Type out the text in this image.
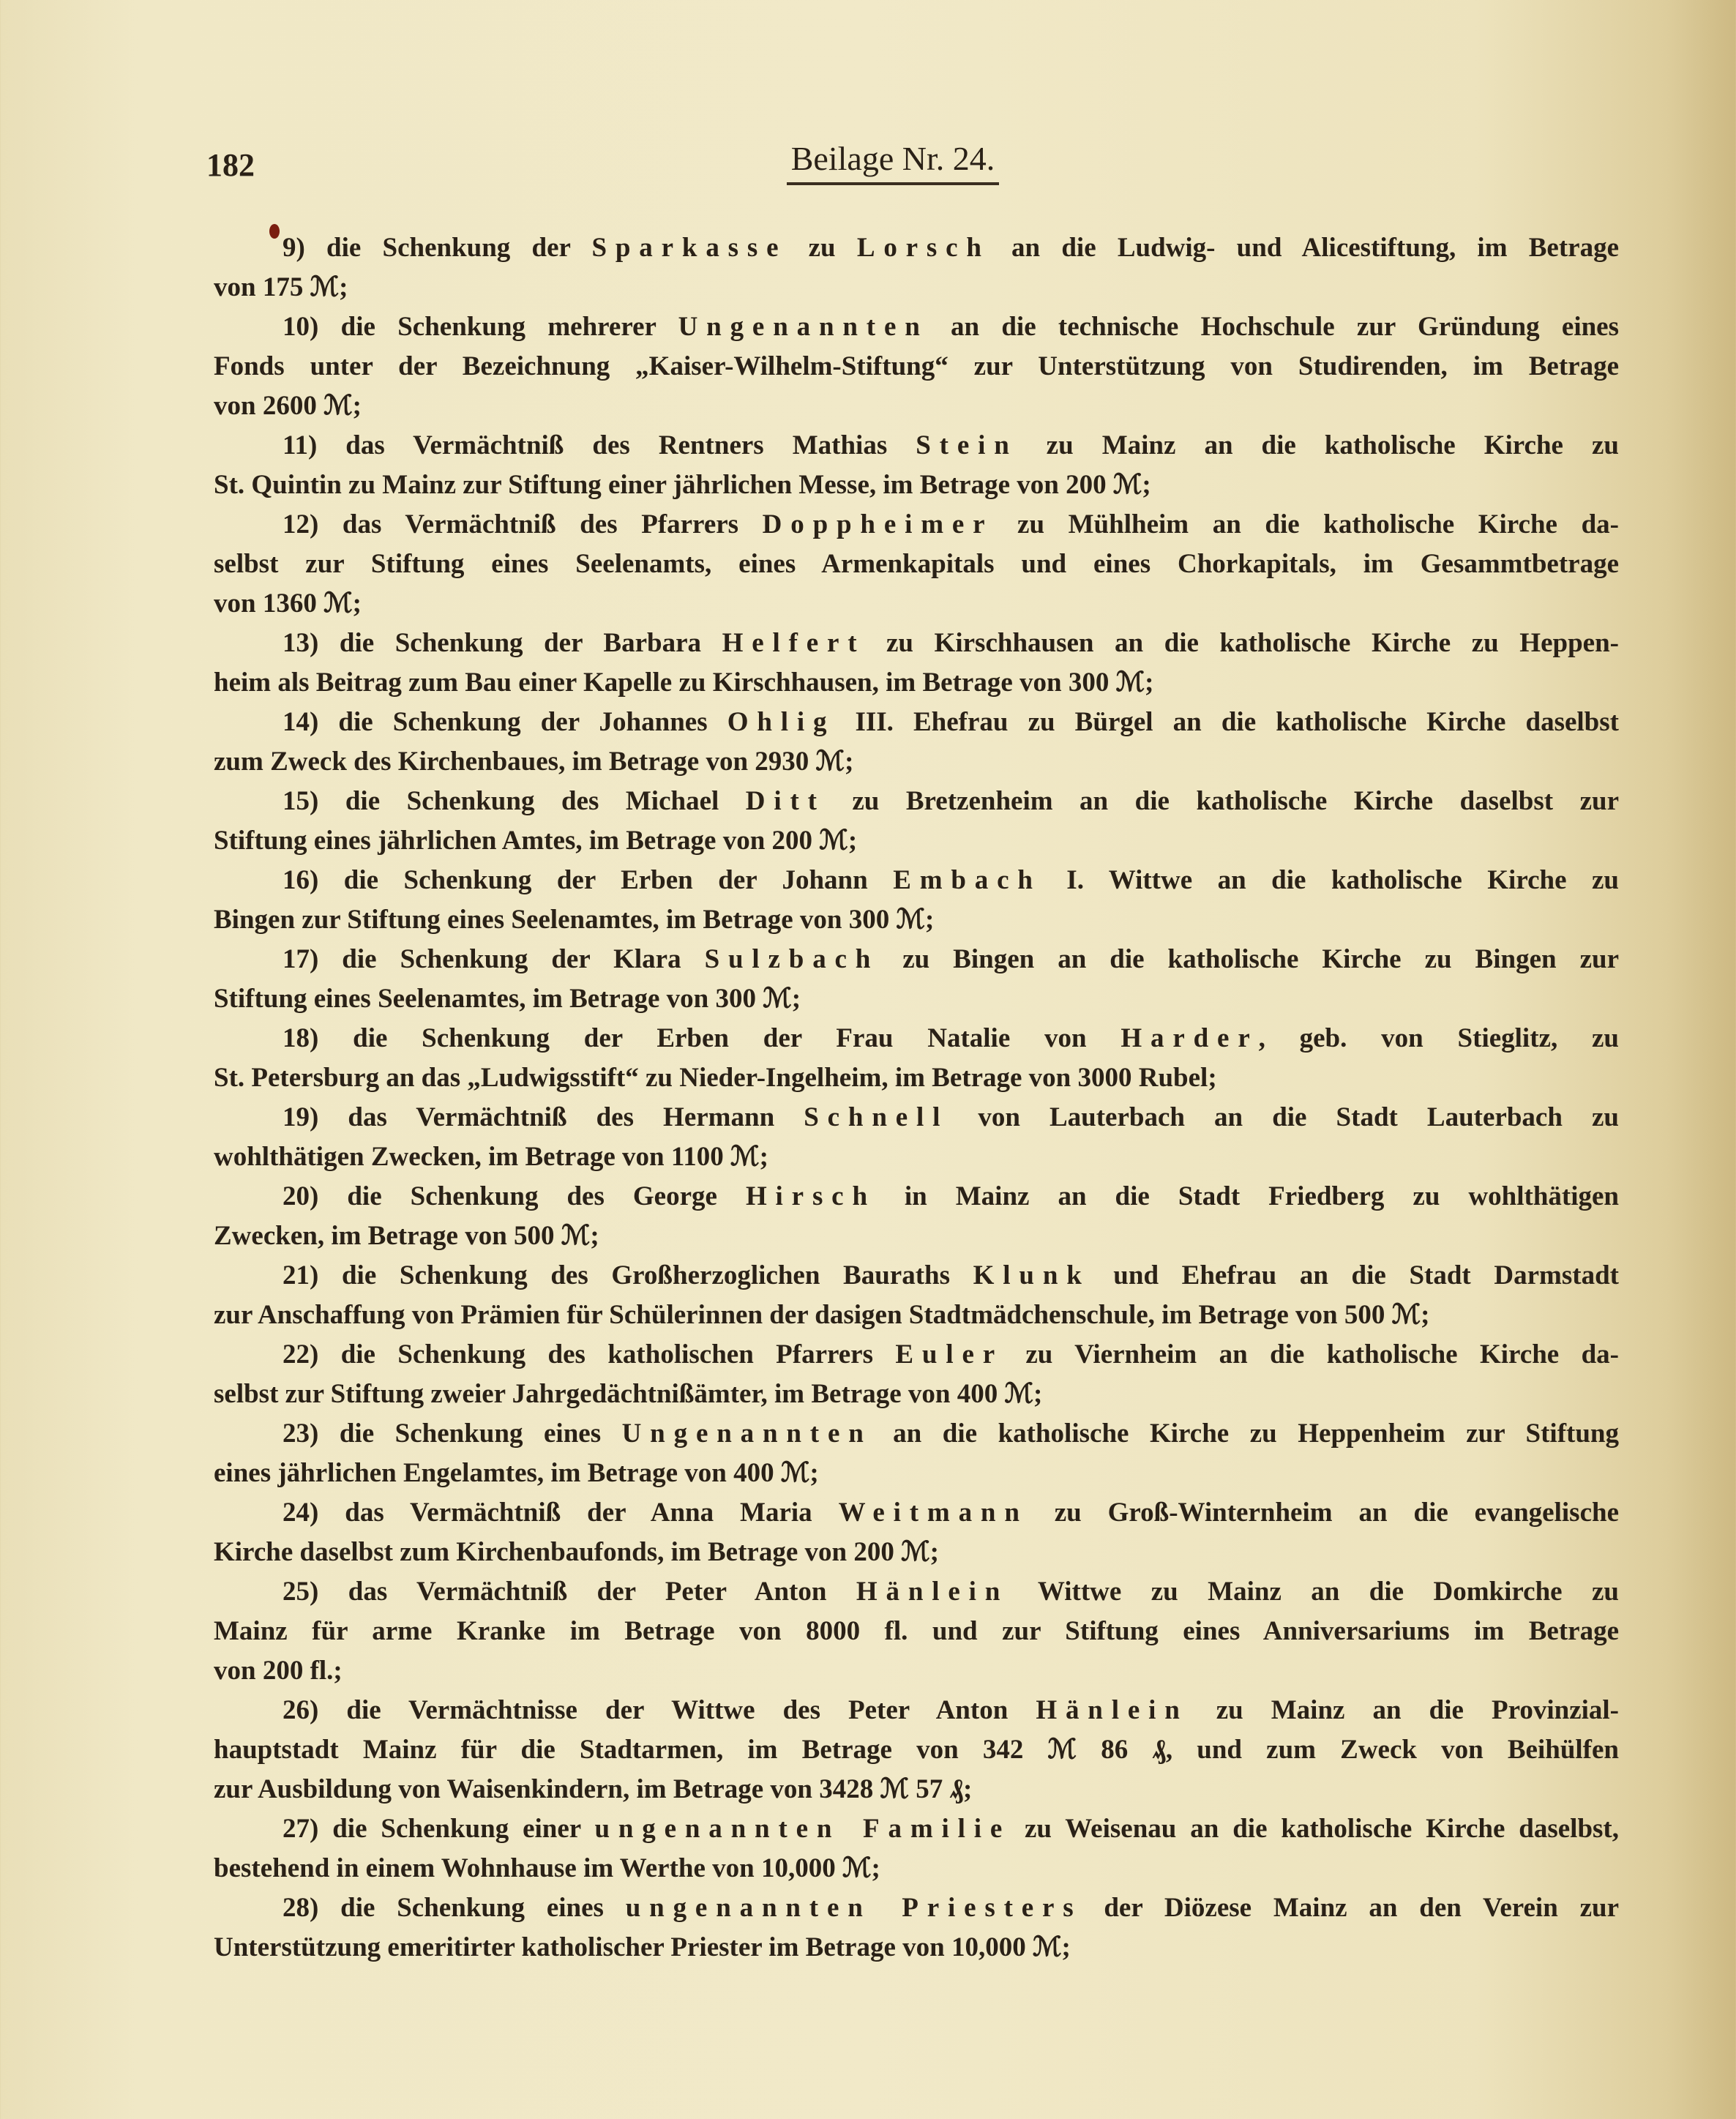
182	Beilage Nr. 24.
9) die Schenkung der Sparkasse zu Lorsch an die Ludwig- und Alicestiftung, im Betrage
von 175 ℳ;
10) die Schenkung mehrerer Ungenannten an die technische Hochschule zur Gründung eines
Fonds unter der Bezeichnung „Kaiser-Wilhelm-Stiftung“ zur Unterstützung von Studirenden, im Betrage
von 2600 ℳ;
11) das Vermächtniß des Rentners Mathias Stein zu Mainz an die katholische Kirche zu
St. Quintin zu Mainz zur Stiftung einer jährlichen Messe, im Betrage von 200 ℳ;
12) das Vermächtniß des Pfarrers Doppheimer zu Mühlheim an die katholische Kirche da-
selbst zur Stiftung eines Seelenamts, eines Armenkapitals und eines Chorkapitals, im Gesammtbetrage
von 1360 ℳ;
13) die Schenkung der Barbara Helfert zu Kirschhausen an die katholische Kirche zu Heppen-
heim als Beitrag zum Bau einer Kapelle zu Kirschhausen, im Betrage von 300 ℳ;
14) die Schenkung der Johannes Ohlig III. Ehefrau zu Bürgel an die katholische Kirche daselbst
zum Zweck des Kirchenbaues, im Betrage von 2930 ℳ;
15) die Schenkung des Michael Ditt zu Bretzenheim an die katholische Kirche daselbst zur
Stiftung eines jährlichen Amtes, im Betrage von 200 ℳ;
16) die Schenkung der Erben der Johann Embach I. Wittwe an die katholische Kirche zu
Bingen zur Stiftung eines Seelenamtes, im Betrage von 300 ℳ;
17) die Schenkung der Klara Sulzbach zu Bingen an die katholische Kirche zu Bingen zur
Stiftung eines Seelenamtes, im Betrage von 300 ℳ;
18) die Schenkung der Erben der Frau Natalie von Harder, geb. von Stieglitz, zu
St. Petersburg an das „Ludwigsstift“ zu Nieder-Ingelheim, im Betrage von 3000 Rubel;
19) das Vermächtniß des Hermann Schnell von Lauterbach an die Stadt Lauterbach zu
wohlthätigen Zwecken, im Betrage von 1100 ℳ;
20) die Schenkung des George Hirsch in Mainz an die Stadt Friedberg zu wohlthätigen
Zwecken, im Betrage von 500 ℳ;
21) die Schenkung des Großherzoglichen Bauraths Klunk und Ehefrau an die Stadt Darmstadt
zur Anschaffung von Prämien für Schülerinnen der dasigen Stadtmädchenschule, im Betrage von 500 ℳ;
22) die Schenkung des katholischen Pfarrers Euler zu Viernheim an die katholische Kirche da-
selbst zur Stiftung zweier Jahrgedächtnißämter, im Betrage von 400 ℳ;
23) die Schenkung eines Ungenannten an die katholische Kirche zu Heppenheim zur Stiftung
eines jährlichen Engelamtes, im Betrage von 400 ℳ;
24) das Vermächtniß der Anna Maria Weitmann zu Groß-Winternheim an die evangelische
Kirche daselbst zum Kirchenbaufonds, im Betrage von 200 ℳ;
25) das Vermächtniß der Peter Anton Hänlein Wittwe zu Mainz an die Domkirche zu
Mainz für arme Kranke im Betrage von 8000 fl. und zur Stiftung eines Anniversariums im Betrage
von 200 fl.;
26) die Vermächtnisse der Wittwe des Peter Anton Hänlein zu Mainz an die Provinzial-
hauptstadt Mainz für die Stadtarmen, im Betrage von 342 ℳ 86 ₰, und zum Zweck von Beihülfen
zur Ausbildung von Waisenkindern, im Betrage von 3428 ℳ 57 ₰;
27) die Schenkung einer ungenannten Familie zu Weisenau an die katholische Kirche daselbst,
bestehend in einem Wohnhause im Werthe von 10,000 ℳ;
28) die Schenkung eines ungenannten Priesters der Diözese Mainz an den Verein zur
Unterstützung emeritirter katholischer Priester im Betrage von 10,000 ℳ;
